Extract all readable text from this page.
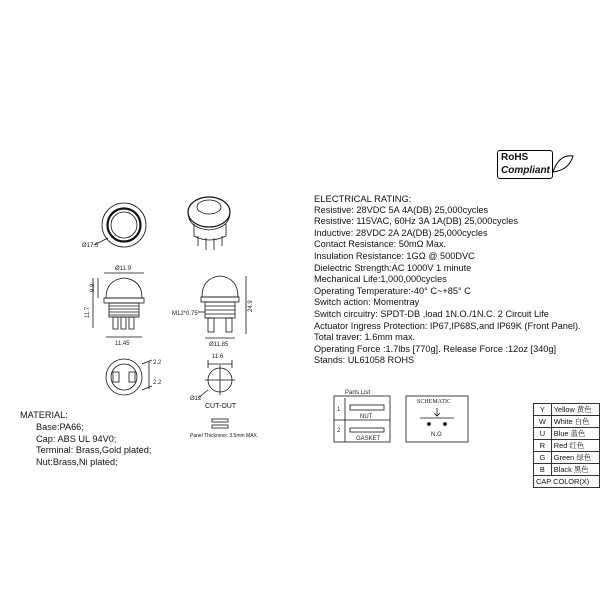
Ø17.5
Ø11.9
9.9
11.7
11.45
M12*0.75
24.9
Ø11.85
11.6
Ø12
2.2
2.2
Parts List
1
NUT
2
GASKET
SCHEMATIC
N.O
CUT-OUT
Panel Thickness: 3.5mm MAX.
RoHS
Compliant
ELECTRICAL RATING:
Resistive: 28VDC 5A 4A(DB) 25,000cycles
Resistive: 115VAC, 60Hz 3A 1A(DB) 25,000cycles
Inductive: 28VDC 2A 2A(DB) 25,000cycles
Contact Resistance: 50mΩ Max.
Insulation Resistance: 1GΩ @ 500DVC
Dielectric Strength:AC 1000V 1 minute
Mechanical Life:1,000,000cycles
Operating Temperature:-40° C~+85° C
Switch action: Momentray
Switch circuitry: SPDT-DB ,load 1N.O./1N.C. 2 Circuit Life
Actuator Ingress Protection: IP67,IP68S,and IP69K (Front Panel).
Total traver: 1.6mm max.
Operating Force :1.7lbs [770g]. Release Force :12oz [340g]
Stands: UL61058 ROHS
MATERIAL:
Base:PA66;
Cap: ABS UL 94V0;
Terminal: Brass,Gold plated;
Nut:Brass,Ni plated;
Y	Yellow 黄色
W	White 白色
U	Blue 蓝色
R	Red 红色
G	Green 绿色
B	Black 黑色
CAP COLOR(X)	
